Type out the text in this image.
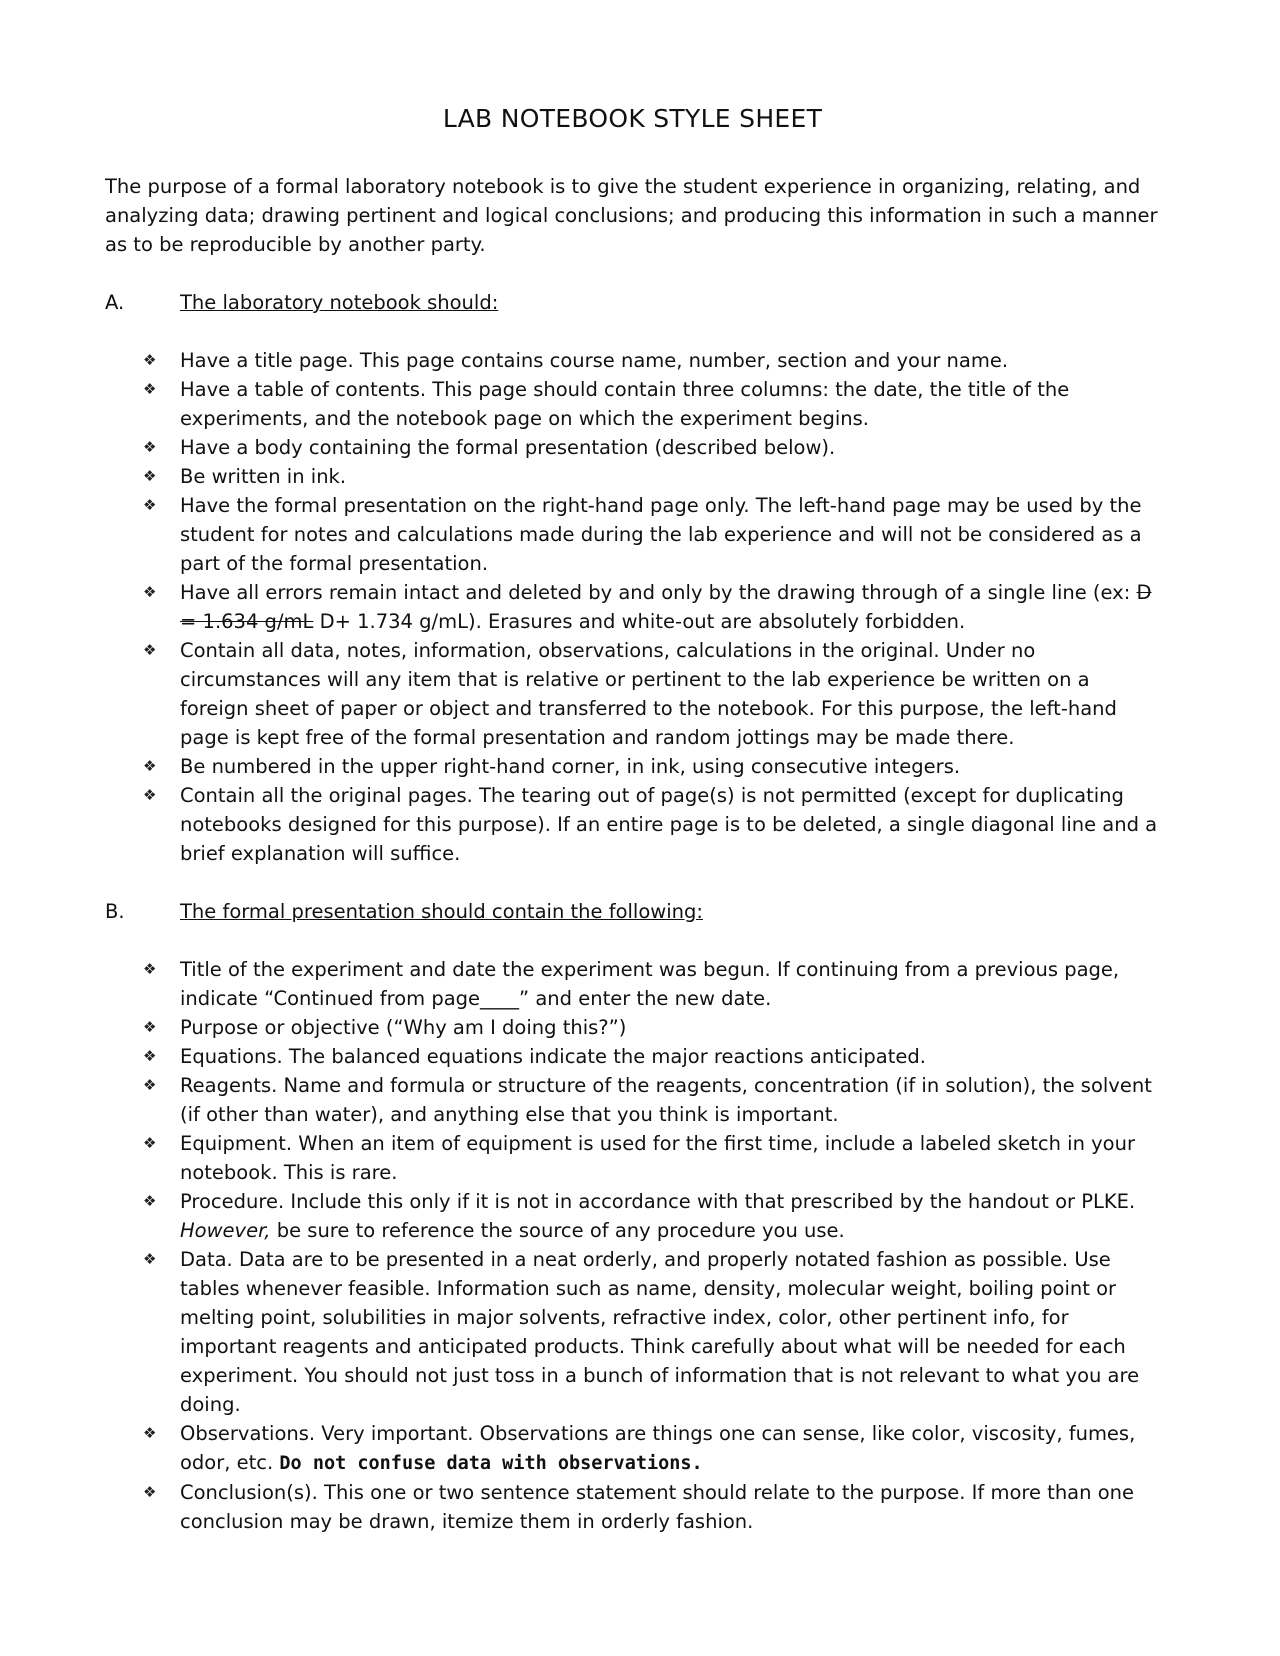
LAB NOTEBOOK STYLE SHEET

The purpose of a formal laboratory notebook is to give the student experience in organizing, relating, and analyzing data; drawing pertinent and logical conclusions; and producing this information in such a manner as to be reproducible by another party.

A.	The laboratory notebook should:
❖	Have a title page. This page contains course name, number, section and your name.
❖	Have a table of contents. This page should contain three columns: the date, the title of the experiments, and the notebook page on which the experiment begins.
❖	Have a body containing the formal presentation (described below).
❖	Be written in ink.
❖	Have the formal presentation on the right-hand page only. The left-hand page may be used by the student for notes and calculations made during the lab experience and will not be considered as a part of the formal presentation.
❖	Have all errors remain intact and deleted by and only by the drawing through of a single line (ex: D = 1.634 g/mL D+ 1.734 g/mL). Erasures and white-out are absolutely forbidden.
❖	Contain all data, notes, information, observations, calculations in the original. Under no circumstances will any item that is relative or pertinent to the lab experience be written on a foreign sheet of paper or object and transferred to the notebook. For this purpose, the left-hand page is kept free of the formal presentation and random jottings may be made there.
❖	Be numbered in the upper right-hand corner, in ink, using consecutive integers.
❖	Contain all the original pages. The tearing out of page(s) is not permitted (except for duplicating notebooks designed for this purpose). If an entire page is to be deleted, a single diagonal line and a brief explanation will suffice.
B.	The formal presentation should contain the following:
❖	Title of the experiment and date the experiment was begun. If continuing from a previous page, indicate “Continued from page____” and enter the new date.
❖	Purpose or objective (“Why am I doing this?”)
❖	Equations. The balanced equations indicate the major reactions anticipated.
❖	Reagents. Name and formula or structure of the reagents, concentration (if in solution), the solvent (if other than water), and anything else that you think is important.
❖	Equipment. When an item of equipment is used for the first time, include a labeled sketch in your notebook. This is rare.
❖	Procedure. Include this only if it is not in accordance with that prescribed by the handout or PLKE. However, be sure to reference the source of any procedure you use.
❖	Data. Data are to be presented in a neat orderly, and properly notated fashion as possible. Use tables whenever feasible. Information such as name, density, molecular weight, boiling point or melting point, solubilities in major solvents, refractive index, color, other pertinent info, for important reagents and anticipated products. Think carefully about what will be needed for each experiment. You should not just toss in a bunch of information that is not relevant to what you are doing.
❖	Observations. Very important. Observations are things one can sense, like color, viscosity, fumes, odor, etc. Do not confuse data with observations.
❖	Conclusion(s). This one or two sentence statement should relate to the purpose. If more than one conclusion may be drawn, itemize them in orderly fashion.
